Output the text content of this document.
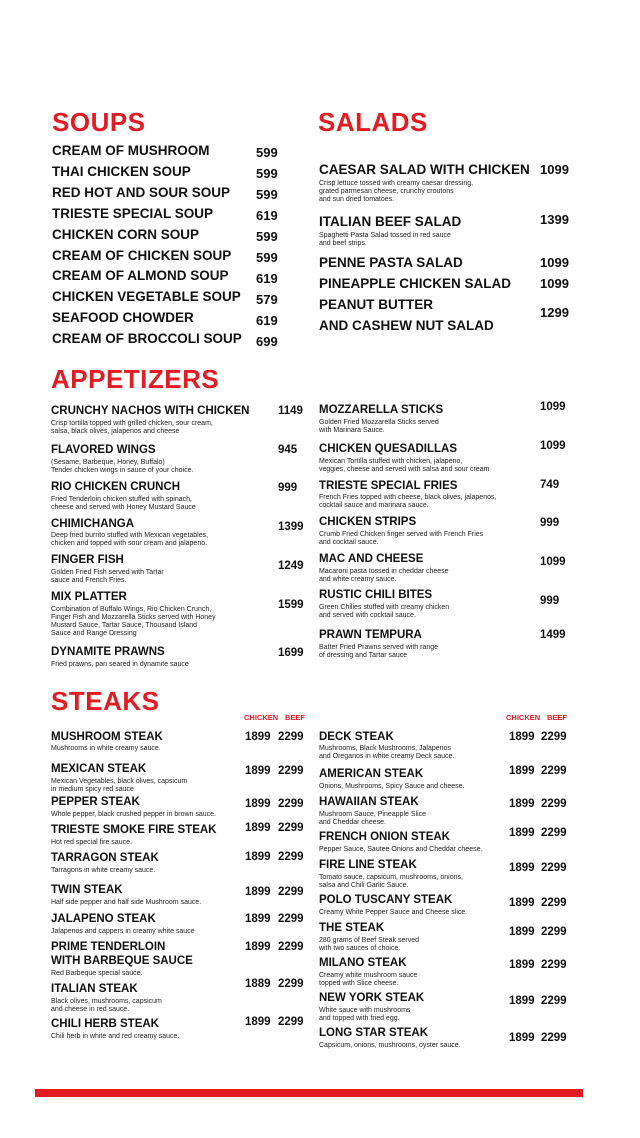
SOUPS
CREAM OF MUSHROOM	599
THAI CHICKEN SOUP	599
RED HOT AND SOUR SOUP 599
TRIESTE SPECIAL SOUP	619
CHICKEN CORN SOUP	599
CREAM OF CHICKEN SOUP 599
CREAM OF ALMOND SOUP 619
CHICKEN VEGETABLE SOUP 579
SEAFOOD CHOWDER	619
CREAM OF BROCCOLI SOUP 699
SALADS
CAESAR SALAD WITH CHICKEN 1099
Crisp lettuce tossed with creamy caesar dressing,
grated parmesan cheese, crunchy croutons
and sun dried tomatoes.
ITALIAN BEEF SALAD	1399
Spaghetti Pasta Salad tossed in red sauce
and beef strips.
PENNE PASTA SALAD	1099
PINEAPPLE CHICKEN SALAD 1099
PEANUT BUTTER
AND CASHEW NUT SALAD
1299
APPETIZERS
CRUNCHY NACHOS WITH CHICKEN 1149
Crisp tortilla topped with grilled chicken, sour cream,
salsa, black olives, jalapenos and cheese
FLAVORED WINGS	945
(Sesame, Barbeque, Honey, Buffalo)
Tender chicken wings in sauce of your choice.
RIO CHICKEN CRUNCH	999
Fried Tenderloin chicken stuffed with spinach,
cheese and served with Honey Mustard Sauce
CHIMICHANGA	1399
Deep fried burrito stuffed with Mexican vegetables,
chicken and topped with sour cream and jalapeno.
FINGER FISH	1249
Golden Fried Fish served with Tartar
sauce and French Fries.
MIX PLATTER
1599
Combination of Buffalo Wings, Rio Chicken Crunch,
Finger Fish and Mozzarella Sticks served with Honey
Mustard Sauce, Tartar Sauce, Thousand Island
Sauce and Range Dressing
DYNAMITE PRAWNS	1699
Fried prawns, pan seared in dynamite sauce
MOZZARELLA STICKS	1099
Golden Fried Mozzarella Sticks served
with Marinara Sauce.
CHICKEN QUESADILLAS	1099
Mexican Tortilla stuffed with chicken, jalapeno,
veggies, cheese and served with salsa and sour cream
TRIESTE SPECIAL FRIES	749
French Fries topped with cheese, black olives, jalapenos,
cocktail sauce and marinara sauce.
CHICKEN STRIPS	999
Crumb Fried Chicken finger served with French Fries
and cocktail sauce.
MAC AND CHEESE	1099
Macaroni pasta tossed in cheddar cheese
and white creamy sauce.
RUSTIC CHILI BITES	999
Green Chilies stuffed with creamy chicken
and served with cocktail sauce.
PRAWN TEMPURA	1499
Batter Fried Prawns served with range
of dressing and Tartar sauce
STEAKS
CHICKEN BEEF	CHICKEN BEEF
MUSHROOM STEAK	1899 2299
Mushrooms in white creamy sauce.
MEXICAN STEAK	1899 2299
Mexican Vegetables, black olives, capsicum
in medium spicy red sauce
PEPPER STEAK	1899 2299
Whole pepper, black crushed pepper in brown sauce.
TRIESTE SMOKE FIRE STEAK 1899 2299
Hot red special fire sauce.
TARRAGON STEAK	1899 2299
Tarragons in white creamy sauce.
TWIN STEAK	1899 2299
Half side pepper and half side Mushroom sauce.
JALAPENO STEAK	1899 2299
Jalapenos and cappers in creamy white sauce
PRIME TENDERLOIN
WITH BARBEQUE SAUCE
1899 2299
Red Barbeque special sauce.
ITALIAN STEAK	1889 2299
Black olives, mushrooms, capsicum
and cheese in red sauce.
CHILI HERB STEAK	1899 2299
Chili herb in white and red creamy sauce.
DECK STEAK	1899 2299
Mushrooms, Black Mushrooms, Jalapenos
and Oreganos in white creamy Deck sauce.
AMERICAN STEAK	1899 2299
Onions, Mushrooms, Spicy Sauce and cheese.
HAWAIIAN STEAK	1899 2299
Mushroom Sauce, Pineapple Slice
and Cheddar cheese.
FRENCH ONION STEAK	1899 2299
Pepper Sauce, Sautee Onions and Cheddar cheese.
FIRE LINE STEAK	1899 2299
Tomato sauce, capsicum, mushrooms, onions,
salsa and Chili Garlic Sauce.
POLO TUSCANY STEAK	1899 2299
Creamy White Pepper Sauce and Cheese slice.
THE STEAK	1899 2299
280 grams of Beef Steak served
with two sauces of choice.
MILANO STEAK	1899 2299
Creamy white mushroom sauce
topped with Slice cheese.
NEW YORK STEAK	1899 2299
White sauce with mushrooms
and topped with fried egg.
LONG STAR STEAK	1899 2299
Capsicum, onions, mushrooms, oyster sauce.
